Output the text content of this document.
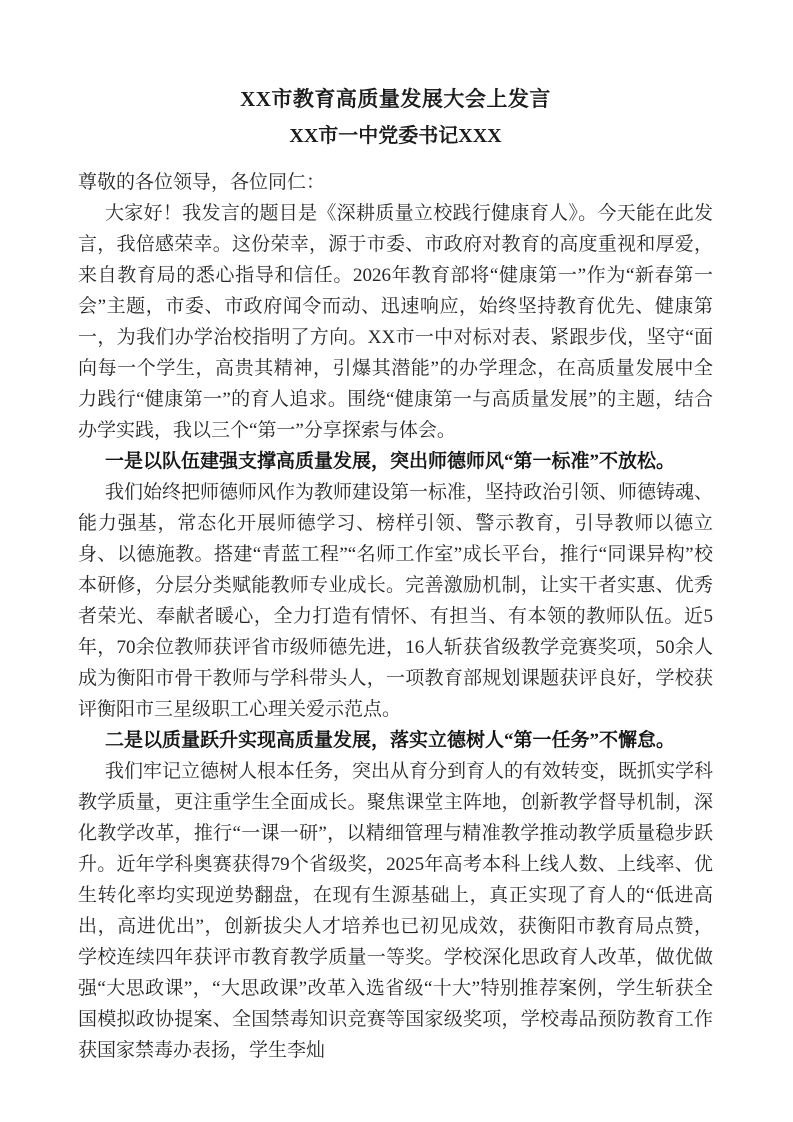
XX市教育高质量发展大会上发言
XX市一中党委书记XXX

尊敬的各位领导，各位同仁：

大家好！我发言的题目是《深耕质量立校践行健康育人》。今天能在此发言，我倍感荣幸。这份荣幸，源于市委、市政府对教育的高度重视和厚爱，来自教育局的悉心指导和信任。2026年教育部将“健康第一”作为“新春第一会”主题，市委、市政府闻令而动、迅速响应，始终坚持教育优先、健康第一，为我们办学治校指明了方向。XX市一中对标对表、紧跟步伐，坚守“面向每一个学生，高贵其精神，引爆其潜能”的办学理念，在高质量发展中全力践行“健康第一”的育人追求。围绕“健康第一与高质量发展”的主题，结合办学实践，我以三个“第一”分享探索与体会。

一是以队伍建强支撑高质量发展，突出师德师风“第一标准”不放松。

我们始终把师德师风作为教师建设第一标准，坚持政治引领、师德铸魂、能力强基，常态化开展师德学习、榜样引领、警示教育，引导教师以德立身、以德施教。搭建“青蓝工程”“名师工作室”成长平台，推行“同课异构”校本研修，分层分类赋能教师专业成长。完善激励机制，让实干者实惠、优秀者荣光、奉献者暖心，全力打造有情怀、有担当、有本领的教师队伍。近5年，70余位教师获评省市级师德先进，16人斩获省级教学竞赛奖项，50余人成为衡阳市骨干教师与学科带头人，一项教育部规划课题获评良好，学校获评衡阳市三星级职工心理关爱示范点。

二是以质量跃升实现高质量发展，落实立德树人“第一任务”不懈怠。

我们牢记立德树人根本任务，突出从育分到育人的有效转变，既抓实学科教学质量，更注重学生全面成长。聚焦课堂主阵地，创新教学督导机制，深化教学改革，推行“一课一研”，以精细管理与精准教学推动教学质量稳步跃升。近年学科奥赛获得79个省级奖，2025年高考本科上线人数、上线率、优生转化率均实现逆势翻盘，在现有生源基础上，真正实现了育人的“低进高出，高进优出”，创新拔尖人才培养也已初见成效，获衡阳市教育局点赞，学校连续四年获评市教育教学质量一等奖。学校深化思政育人改革，做优做强“大思政课”，“大思政课”改革入选省级“十大”特别推荐案例，学生斩获全国模拟政协提案、全国禁毒知识竞赛等国家级奖项，学校毒品预防教育工作获国家禁毒办表扬，学生李灿
